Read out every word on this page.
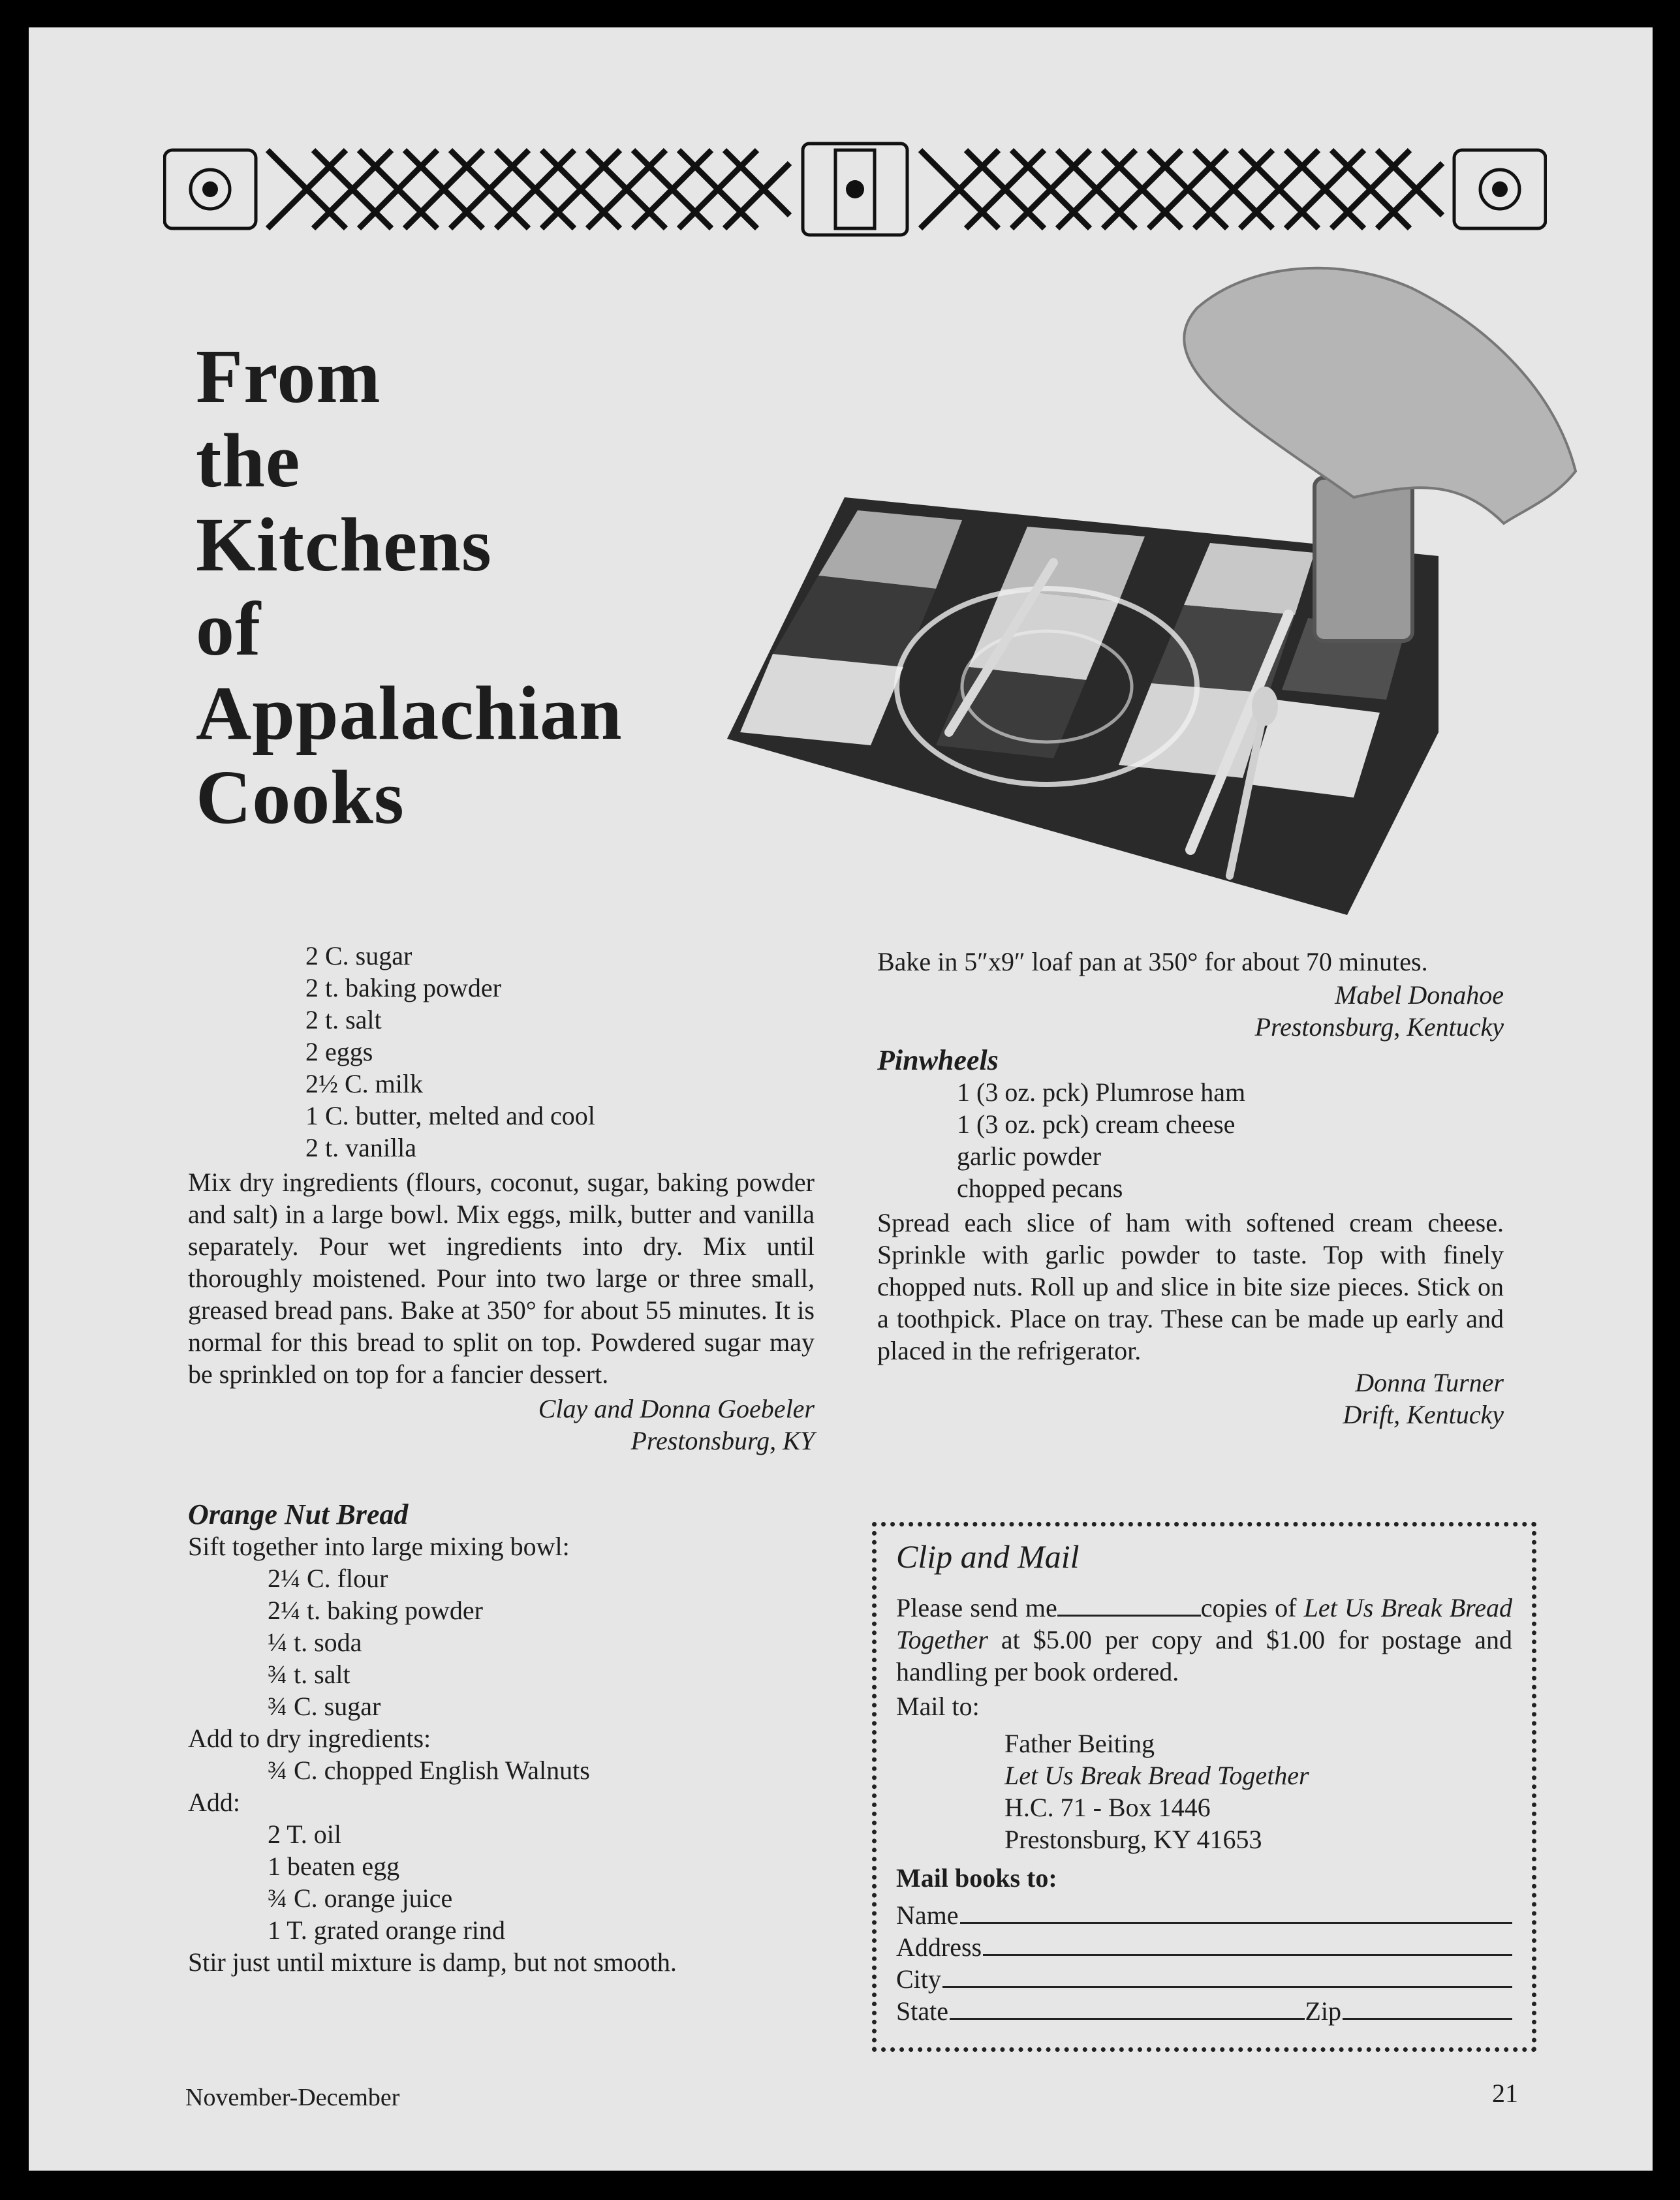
From
the
Kitchens
of
Appalachian
Cooks
2 C. sugar
2 t. baking powder
2 t. salt
2 eggs
2½ C. milk
1 C. butter, melted and cool
2 t. vanilla
Mix dry ingredients (flours, coconut, sugar, baking powder and salt) in a large bowl. Mix eggs, milk, butter and vanilla separately. Pour wet ingredients into dry. Mix until thoroughly moistened. Pour into two large or three small, greased bread pans. Bake at 350° for about 55 minutes. It is normal for this bread to split on top. Powdered sugar may be sprinkled on top for a fancier dessert.
Clay and Donna Goebeler
Prestonsburg, KY
Orange Nut Bread
Sift together into large mixing bowl:
2¼ C. flour
2¼ t. baking powder
¼ t. soda
¾ t. salt
¾ C. sugar
Add to dry ingredients:
¾ C. chopped English Walnuts
Add:
2 T. oil
1 beaten egg
¾ C. orange juice
1 T. grated orange rind
Stir just until mixture is damp, but not smooth.
Bake in 5″x9″ loaf pan at 350° for about 70 minutes.
Mabel Donahoe
Prestonsburg, Kentucky
Pinwheels
1 (3 oz. pck) Plumrose ham
1 (3 oz. pck) cream cheese
garlic powder
chopped pecans
Spread each slice of ham with softened cream cheese. Sprinkle with garlic powder to taste. Top with finely chopped nuts. Roll up and slice in bite size pieces. Stick on a toothpick. Place on tray. These can be made up early and placed in the refrigerator.
Donna Turner
Drift, Kentucky
Clip and Mail
Please send me	copies of Let Us Break Bread Together at $5.00 per copy and $1.00 for postage and handling per book ordered.
Mail to:
Father Beiting
Let Us Break Bread Together
H.C. 71 - Box 1446
Prestonsburg, KY 41653
Mail books to:
Name
Address
City
State	Zip
November-December	21
